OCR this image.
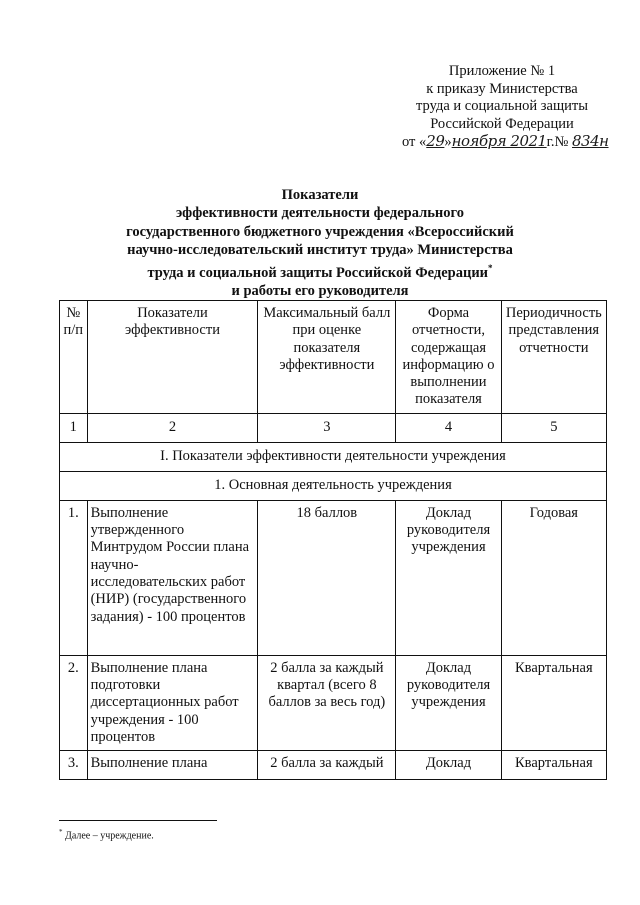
Приложение № 1
к приказу Министерства
труда и социальной защиты
Российской Федерации
от «29»ноября 2021г.№ 834н
Показатели
эффективности деятельности федерального
государственного бюджетного учреждения «Всероссийский
научно-исследовательский институт труда» Министерства
труда и социальной защиты Российской Федерации*
и работы его руководителя
№ п/п	Показатели эффективности	Максимальный балл при оценке показателя эффективности	Форма отчетности, содержащая информацию о выполнении показателя	Периодичность представления отчетности
1	2	3	4	5
I. Показатели эффективности деятельности учреждения				
1. Основная деятельность учреждения				
1.	Выполнение утвержденного Минтрудом России плана научно-исследовательских работ (НИР) (государственного задания) - 100 процентов	18 баллов	Доклад руководителя учреждения	Годовая
2.	Выполнение плана подготовки диссертационных работ учреждения - 100 процентов	2 балла за каждый квартал (всего 8 баллов за весь год)	Доклад руководителя учреждения	Квартальная
3.	Выполнение плана	2 балла за каждый	Доклад	Квартальная
* Далее – учреждение.
